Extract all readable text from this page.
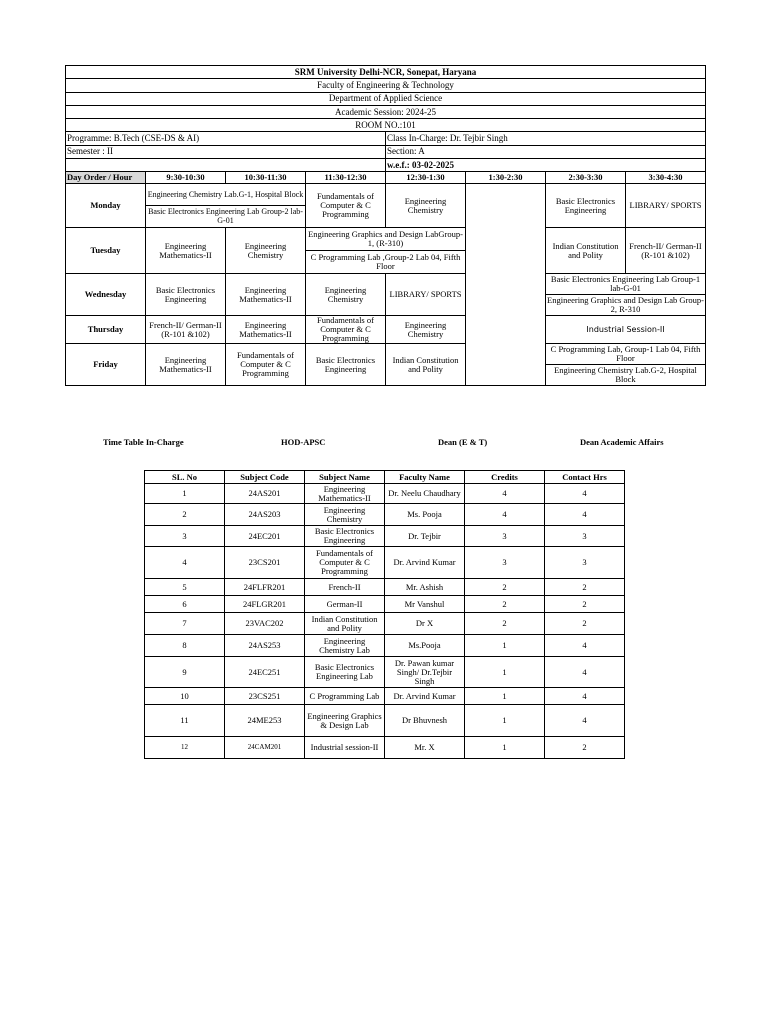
SRM University Delhi-NCR, Sonepat, Haryana							
Faculty of Engineering & Technology							
Department of Applied Science							
Academic Session: 2024-25							
ROOM NO.:101							
Programme: B.Tech (CSE-DS & AI)				Class In-Charge: Dr. Tejbir Singh			
Semester : II				Section: A			
				w.e.f.: 03-02-2025			
Day Order / Hour	9:30-10:30	10:30-11:30	11:30-12:30	12:30-1:30	1:30-2:30	2:30-3:30	3:30-4:30
Monday	Engineering Chemistry Lab.G-1, Hospital Block		Fundamentals of Computer & C Programming	Engineering Chemistry		Basic Electronics Engineering	LIBRARY/ SPORTS
	Basic Electronics Engineering Lab Group-2 lab-G-01						
Tuesday	Engineering Mathematics-II	Engineering Chemistry	Engineering Graphics and Design LabGroup-1, (R-310)			Indian Constitution and Polity	French-II/ German-II (R-101 &102)
			C Programming Lab ,Group-2 Lab 04, Fifth Floor				
Wednesday	Basic Electronics Engineering	Engineering Mathematics-II	Engineering Chemistry	LIBRARY/ SPORTS		Basic Electronics Engineering Lab Group-1 lab-G-01	
						Engineering Graphics and Design Lab Group-2, R-310	
Thursday	French-II/ German-II (R-101 &102)	Engineering Mathematics-II	Fundamentals of Computer & C Programming	Engineering Chemistry		Industrial Session-II	

Friday	Engineering Mathematics-II	Fundamentals of Computer & C Programming	Basic Electronics Engineering	Indian Constitution and Polity		C Programming Lab, Group-1 Lab 04, Fifth Floor	
						Engineering Chemistry Lab.G-2, Hospital Block	
Time Table In-Charge	HOD-APSC	Dean (E & T)	Dean Academic Affairs
SL. No	Subject Code	Subject Name	Faculty Name	Credits	Contact Hrs
1	24AS201	Engineering Mathematics-II	Dr. Neelu Chaudhary	4	4
2	24AS203	Engineering Chemistry	Ms. Pooja	4	4
3	24EC201	Basic Electronics Engineering	Dr. Tejbir	3	3
4	23CS201	Fundamentals of Computer & C Programming	Dr. Arvind Kumar	3	3
5	24FLFR201	French-II	Mr. Ashish	2	2
6	24FLGR201	German-II	Mr Vanshul	2	2
7	23VAC202	Indian Constitution and Polity	Dr X	2	2
8	24AS253	Engineering Chemistry Lab	Ms.Pooja	1	4
9	24EC251	Basic Electronics Engineering Lab	Dr. Pawan kumar Singh/ Dr.Tejbir Singh	1	4
10	23CS251	C Programming Lab	Dr. Arvind Kumar	1	4
11	24ME253	Engineering Graphics & Design Lab	Dr Bhuvnesh	1	4
12	24CAM201	Industrial session-II	Mr. X	1	2
